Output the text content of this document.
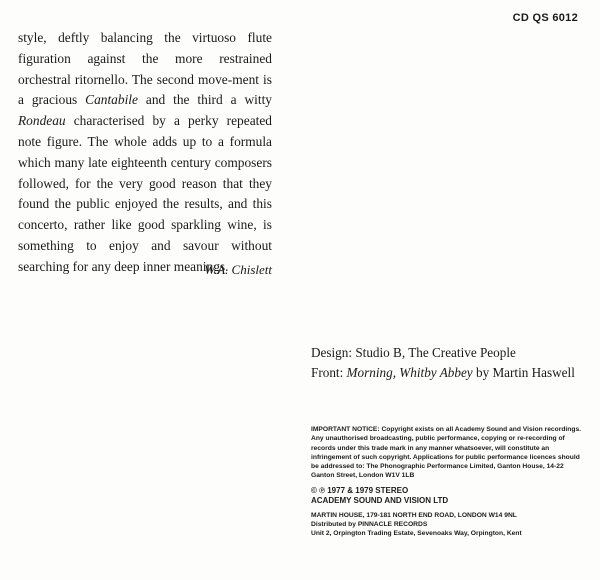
CD QS 6012

style, deftly balancing the virtuoso flute figuration against the more restrained orchestral ritornello. The second move-ment is a gracious Cantabile and the third a witty Rondeau characterised by a perky repeated note figure. The whole adds up to a formula which many late eighteenth century composers followed, for the very good reason that they found the public enjoyed the results, and this concerto, rather like good sparkling wine, is something to enjoy and savour without searching for any deep inner meanings.

W.A. Chislett
Design: Studio B, The Creative People
Front: Morning, Whitby Abbey by Martin Haswell
IMPORTANT NOTICE: Copyright exists on all Academy Sound and Vision recordings. Any unauthorised broadcasting, public performance, copying or re-recording of records under this trade mark in any manner whatsoever, will constitute an infringement of such copyright. Applications for public performance licences should be addressed to: The Phonographic Performance Limited, Ganton House, 14-22 Ganton Street, London W1V 1LB
© ℗ 1977 & 1979 STEREO
ACADEMY SOUND AND VISION LTD
MARTIN HOUSE, 179-181 NORTH END ROAD, LONDON W14 9NL
Distributed by PINNACLE RECORDS
Unit 2, Orpington Trading Estate, Sevenoaks Way, Orpington, Kent
